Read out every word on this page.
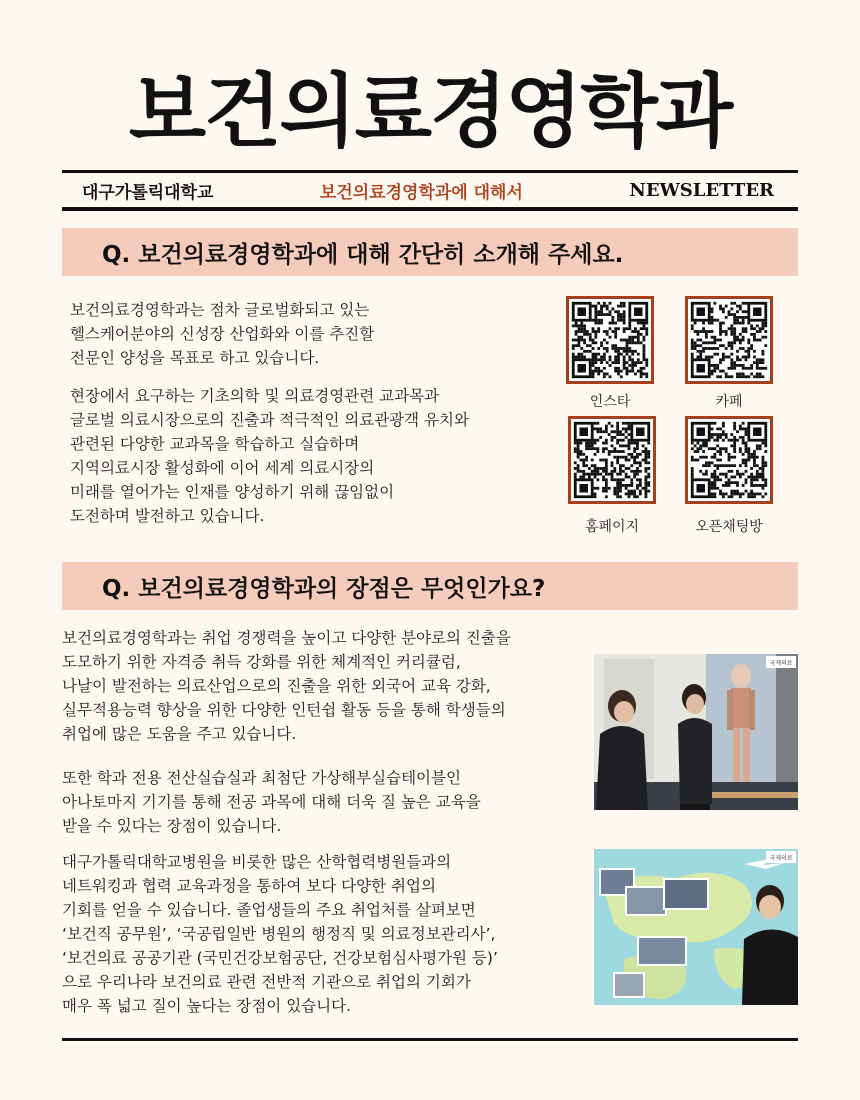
보건의료경영학과
대구가톨릭대학교	보건의료경영학과에 대해서	NEWSLETTER
Q. 보건의료경영학과에 대해 간단히 소개해 주세요.
보건의료경영학과는 점차 글로벌화되고 있는
헬스케어분야의 신성장 산업화와 이를 추진할
전문인 양성을 목표로 하고 있습니다.
현장에서 요구하는 기초의학 및 의료경영관련 교과목과
글로벌 의료시장으로의 진출과 적극적인 의료관광객 유치와
관련된 다양한 교과목을 학습하고 실습하며
지역의료시장 활성화에 이어 세계 의료시장의
미래를 열어가는 인재를 양성하기 위해 끊임없이
도전하며 발전하고 있습니다.
인스타	카페
홈페이지	오픈채팅방
Q. 보건의료경영학과의 장점은 무엇인가요?
보건의료경영학과는 취업 경쟁력을 높이고 다양한 분야로의 진출을
도모하기 위한 자격증 취득 강화를 위한 체계적인 커리큘럼,
나날이 발전하는 의료산업으로의 진출을 위한 외국어 교육 강화,
실무적용능력 향상을 위한 다양한 인턴쉽 활동 등을 통해 학생들의
취업에 많은 도움을 주고 있습니다.
또한 학과 전용 전산실습실과 최첨단 가상해부실습테이블인
아나토마지 기기를 통해 전공 과목에 대해 더욱 질 높은 교육을
받을 수 있다는 장점이 있습니다.
대구가톨릭대학교병원을 비롯한 많은 산학협력병원들과의
네트워킹과 협력 교육과정을 통하여 보다 다양한 취업의
기회를 얻을 수 있습니다. 졸업생들의 주요 취업처를 살펴보면
‘보건직 공무원’, ‘국공립일반 병원의 행정직 및 의료정보관리사’,
‘보건의료 공공기관 (국민건강보험공단, 건강보험심사평가원 등)’
으로 우리나라 보건의료 관련 전반적 기관으로 취업의 기회가
매우 폭 넓고 질이 높다는 장점이 있습니다.
국제의료
국제의료
